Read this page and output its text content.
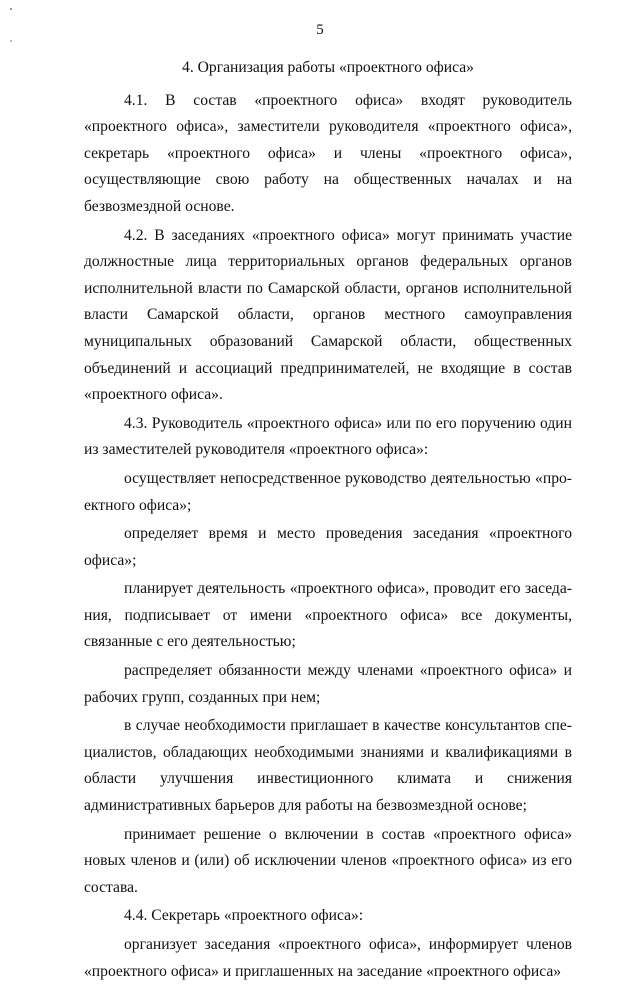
5
4. Организация работы «проектного офиса»

4.1. В состав «проектного офиса» входят руководитель «проектного офиса», заместители руководителя «проектного офиса», секретарь «проектного офиса» и члены «проектного офиса», осуществляющие свою работу на общественных началах и на безвозмездной основе.

4.2. В заседаниях «проектного офиса» могут принимать участие должностные лица территориальных органов федеральных органов исполнительной власти по Самарской области, органов исполнительной власти Самарской области, органов местного самоуправления муниципальных образований Самарской области, общественных объединений и ассоциаций предпринимателей, не входящие в состав «проектного офиса».

4.3. Руководитель «проектного офиса» или по его поручению один из заместителей руководителя «проектного офиса»:

осуществляет непосредственное руководство деятельностью «проектного офиса»;

определяет время и место проведения заседания «проектного офиса»;

планирует деятельность «проектного офиса», проводит его заседания, подписывает от имени «проектного офиса» все документы, связанные с его деятельностью;

распределяет обязанности между членами «проектного офиса» и рабочих групп, созданных при нем;

в случае необходимости приглашает в качестве консультантов специалистов, обладающих необходимыми знаниями и квалификациями в области улучшения инвестиционного климата и снижения административных барьеров для работы на безвозмездной основе;

принимает решение о включении в состав «проектного офиса» новых членов и (или) об исключении членов «проектного офиса» из его состава.

4.4. Секретарь «проектного офиса»:

организует заседания «проектного офиса», информирует членов «проектного офиса» и приглашенных на заседание «проектного офиса»
